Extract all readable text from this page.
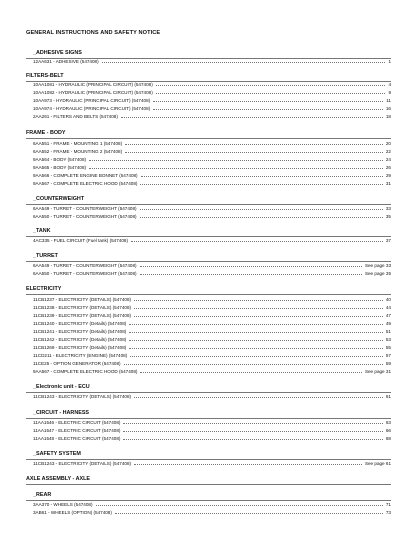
GENERAL INSTRUCTIONS AND SAFETY NOTICE
_ADHESIVE SIGNS
12AA631 - ADHESIVE (547408)	1
FILTERS-BELT
10AA1081 - HYDRAULIC (PRINCIPAL CIRCUIT) (547408)	4
10AA1082 - HYDRAULIC (PRINCIPAL CIRCUIT) (547408)	9
10AA973 - HYDRAULIC (PRINCIPAL CIRCUIT) (547408)	11
10AA974 - HYDRAULIC (PRINCIPAL CIRCUIT) (547408)	16
2AA261 - FILTERS AND BELTS (547408)	18
FRAME - BODY
6AA551 - FRAME - MOUNTING 1 (547408)	20
6AA552 - FRAME - MOUNTING 2 (547408)	22
9AA564 - BODY (547408)	24
9AA565 - BODY (547408)	26
9AA566 - COMPLETE ENGINE BONNET (547408)	29
9AA567 - COMPLETE ELECTRIC HOOD (547408)	31
_COUNTERWEIGHT
6AA549 - TURRET - COUNTERWEIGHT (547408)	33
6AA550 - TURRET - COUNTERWEIGHT (547408)	35
_TANK
4AC335 - FUEL CIRCUIT (Fuel tank) (547408)	37
_TURRET
6AA549 - TURRET - COUNTERWEIGHT (547408)	See page 33
6AA550 - TURRET - COUNTERWEIGHT (547408)	See page 35
ELECTRICITY
11CB1237 - ELECTRICITY (DETAILS) (547408)	40
11CB1238 - ELECTRICITY (DETAILS) (547408)	44
11CB1239 - ELECTRICITY (DETAILS) (547408)	47
11CB1240 - ELECTRICITY (Details) (547408)	49
11CB1241 - ELECTRICITY (Details) (547408)	51
11CB1242 - ELECTRICITY (Details) (547408)	53
11CB1269 - ELECTRICITY (Details) (547408)	55
11CD211 - ELECTRICITY (ENGINE) (547408)	57
11CE25 - OPTION GENERATOR (547408)	59
9AA567 - COMPLETE ELECTRIC HOOD (547408)	See page 31
_Electronic unit - ECU
11CB1243 - ELECTRICITY (DETAILS) (547408)	61
_CIRCUIT - HARNESS
11AA1546 - ELECTRIC CIRCUIT (547408)	63
11AA1547 - ELECTRIC CIRCUIT (547408)	66
11AA1548 - ELECTRIC CIRCUIT (547408)	68
_SAFETY SYSTEM
11CB1243 - ELECTRICITY (DETAILS) (547408)	See page 61
AXLE ASSEMBLY - AXLE
_REAR
3AA370 - WHEELS (547408)	71
3AB61 - WHEELS (OPTION) (547408)	73
